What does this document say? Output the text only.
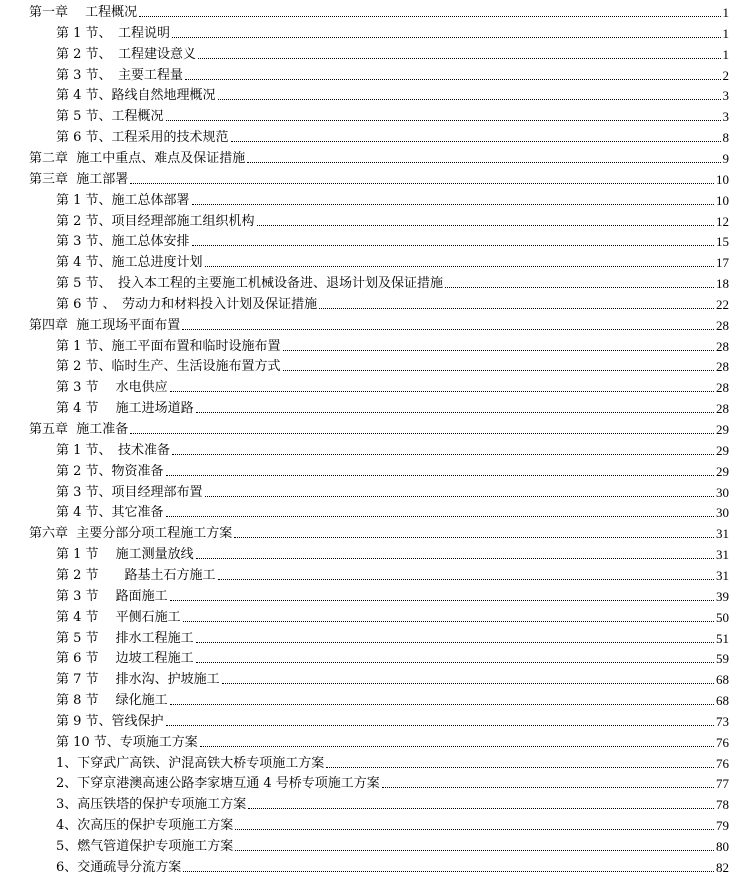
第一章　 工程概况	1
第 1 节、　工程说明	1
第 2 节、　工程建设意义	1
第 3 节、　主要工程量	2
第 4 节、路线自然地理概况	3
第 5 节、工程概况	3
第 6 节、工程采用的技术规范	8
第二章  施工中重点、难点及保证措施	9
第三章  施工部署	10
第 1 节、施工总体部署	10
第 2 节、项目经理部施工组织机构	12
第 3 节、施工总体安排	15
第 4 节、施工总进度计划	17
第 5 节、　投入本工程的主要施工机械设备进、退场计划及保证措施	18
第 6 节 、　劳动力和材料投入计划及保证措施	22
第四章  施工现场平面布置	28
第 1 节、施工平面布置和临时设施布置	28
第 2 节、临时生产、生活设施布置方式	28
第 3 节　 水电供应	28
第 4 节　 施工进场道路	28
第五章  施工准备	29
第 1 节、　技术准备	29
第 2 节、物资准备	29
第 3 节、项目经理部布置	30
第 4 节、其它准备	30
第六章  主要分部分项工程施工方案	31
第 1 节　 施工测量放线	31
第 2 节　　路基土石方施工	31
第 3 节　 路面施工	39
第 4 节　 平侧石施工	50
第 5 节　 排水工程施工	51
第 6 节　 边坡工程施工	59
第 7 节　 排水沟、护坡施工	68
第 8 节　 绿化施工	68
第 9 节、管线保护	73
第 10 节、专项施工方案	76
1、下穿武广高铁、沪混高铁大桥专项施工方案	76
2、下穿京港澳高速公路李家塘互通 4 号桥专项施工方案	77
3、高压铁塔的保护专项施工方案	78
4、次高压的保护专项施工方案	79
5、燃气管道保护专项施工方案	80
6、交通疏导分流方案	82
